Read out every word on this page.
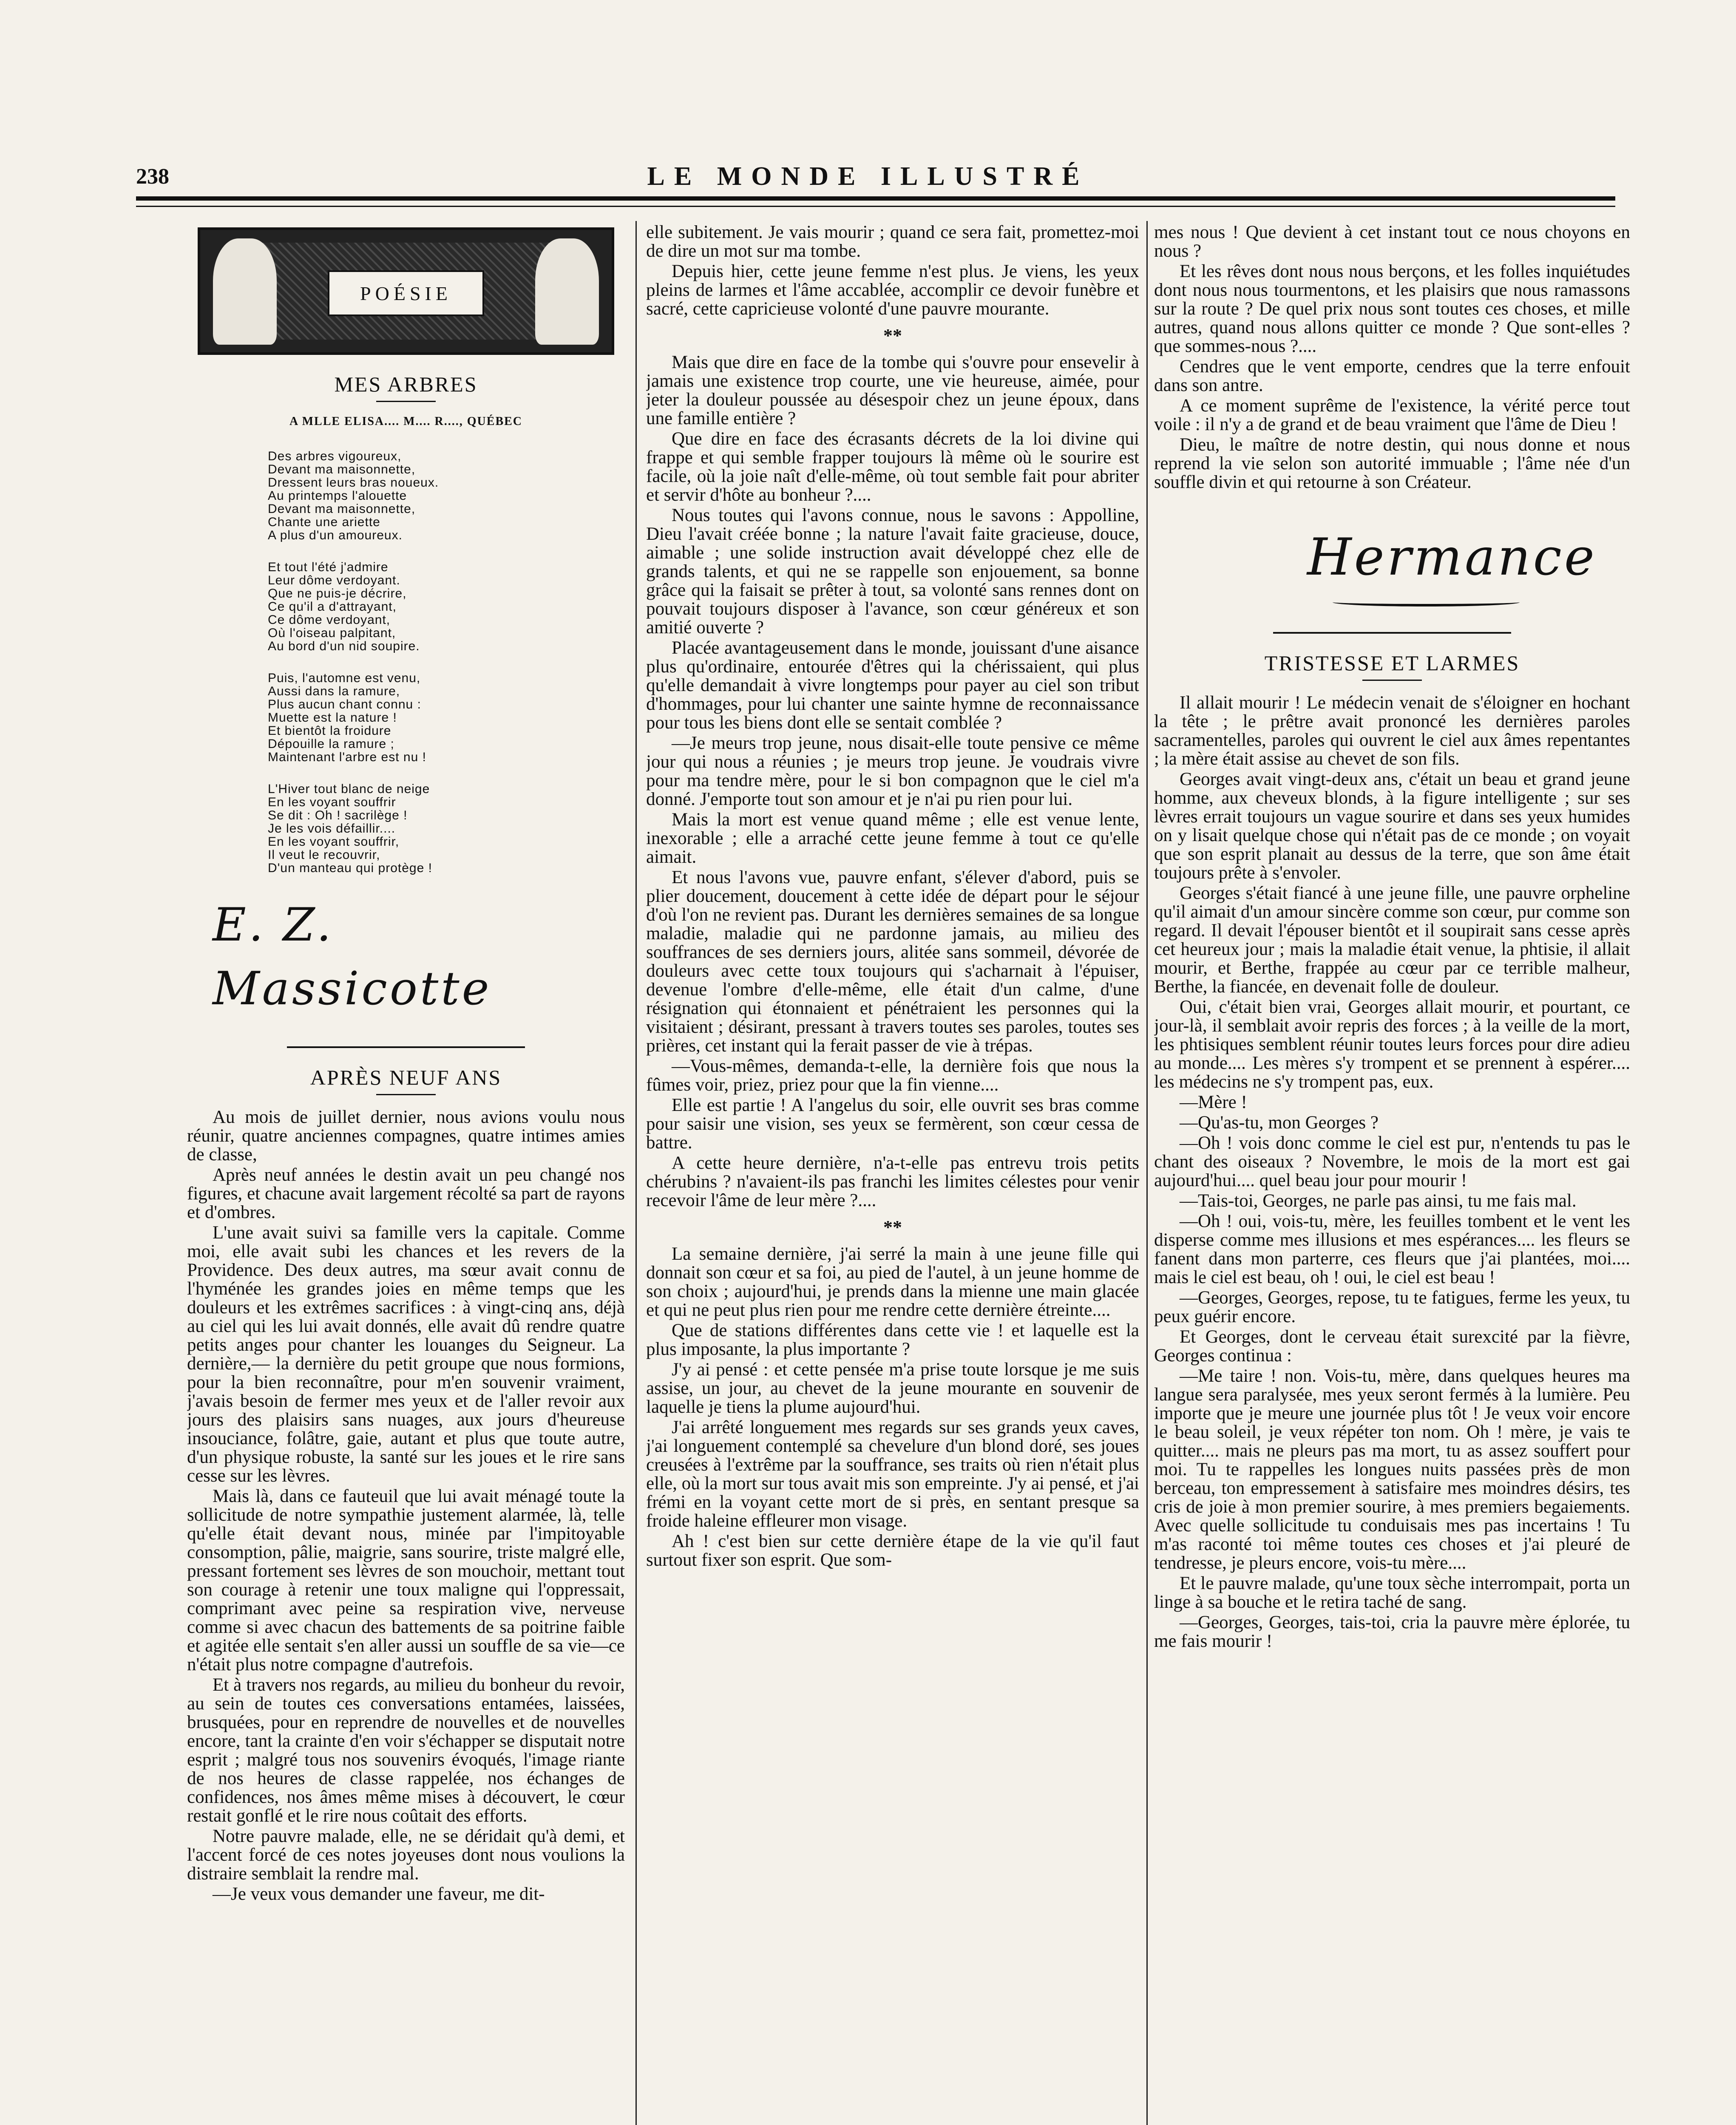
238	LE MONDE ILLUSTRÉ
POÉSIE
MES ARBRES
A MLLE ELISA.... M.... R...., QUÉBEC
Des arbres vigoureux,
Devant ma maisonnette,
Dressent leurs bras noueux.
Au printemps l'alouette
Devant ma maisonnette,
Chante une ariette
A plus d'un amoureux.
Et tout l'été j'admire
Leur dôme verdoyant.
Que ne puis-je décrire,
Ce qu'il a d'attrayant,
Ce dôme verdoyant,
Où l'oiseau palpitant,
Au bord d'un nid soupire.
Puis, l'automne est venu,
Aussi dans la ramure,
Plus aucun chant connu :
Muette est la nature !
Et bientôt la froidure
Dépouille la ramure ;
Maintenant l'arbre est nu !
L'Hiver tout blanc de neige
En les voyant souffrir
Se dit : Oh ! sacrilège !
Je les vois défaillir....
En les voyant souffrir,
Il veut le recouvrir,
D'un manteau qui protège !
E. Z. Massicotte
APRÈS NEUF ANS

Au mois de juillet dernier, nous avions voulu nous réunir, quatre anciennes compagnes, quatre intimes amies de classe,

Après neuf années le destin avait un peu changé nos figures, et chacune avait largement récolté sa part de rayons et d'ombres.

L'une avait suivi sa famille vers la capitale. Comme moi, elle avait subi les chances et les revers de la Providence. Des deux autres, ma sœur avait connu de l'hyménée les grandes joies en même temps que les douleurs et les extrêmes sacrifices : à vingt-cinq ans, déjà au ciel qui les lui avait donnés, elle avait dû rendre quatre petits anges pour chanter les louanges du Seigneur. La dernière,— la dernière du petit groupe que nous formions, pour la bien reconnaître, pour m'en souvenir vraiment, j'avais besoin de fermer mes yeux et de l'aller revoir aux jours des plaisirs sans nuages, aux jours d'heureuse insouciance, folâtre, gaie, autant et plus que toute autre, d'un physique robuste, la santé sur les joues et le rire sans cesse sur les lèvres.

Mais là, dans ce fauteuil que lui avait ménagé toute la sollicitude de notre sympathie justement alarmée, là, telle qu'elle était devant nous, minée par l'impitoyable consomption, pâlie, maigrie, sans sourire, triste malgré elle, pressant fortement ses lèvres de son mouchoir, mettant tout son courage à retenir une toux maligne qui l'oppressait, comprimant avec peine sa respiration vive, nerveuse comme si avec chacun des battements de sa poitrine faible et agitée elle sentait s'en aller aussi un souffle de sa vie—ce n'était plus notre compagne d'autrefois.

Et à travers nos regards, au milieu du bonheur du revoir, au sein de toutes ces conversations entamées, laissées, brusquées, pour en reprendre de nouvelles et de nouvelles encore, tant la crainte d'en voir s'échapper se disputait notre esprit ; malgré tous nos souvenirs évoqués, l'image riante de nos heures de classe rappelée, nos échanges de confidences, nos âmes même mises à découvert, le cœur restait gonflé et le rire nous coûtait des efforts.

Notre pauvre malade, elle, ne se déridait qu'à demi, et l'accent forcé de ces notes joyeuses dont nous voulions la distraire semblait la rendre mal.

—Je veux vous demander une faveur, me dit-

elle subitement. Je vais mourir ; quand ce sera fait, promettez-moi de dire un mot sur ma tombe.

Depuis hier, cette jeune femme n'est plus. Je viens, les yeux pleins de larmes et l'âme accablée, accomplir ce devoir funèbre et sacré, cette capricieuse volonté d'une pauvre mourante.

**

Mais que dire en face de la tombe qui s'ouvre pour ensevelir à jamais une existence trop courte, une vie heureuse, aimée, pour jeter la douleur poussée au désespoir chez un jeune époux, dans une famille entière ?

Que dire en face des écrasants décrets de la loi divine qui frappe et qui semble frapper toujours là même où le sourire est facile, où la joie naît d'elle-même, où tout semble fait pour abriter et servir d'hôte au bonheur ?....

Nous toutes qui l'avons connue, nous le savons : Appolline, Dieu l'avait créée bonne ; la nature l'avait faite gracieuse, douce, aimable ; une solide instruction avait développé chez elle de grands talents, et qui ne se rappelle son enjouement, sa bonne grâce qui la faisait se prêter à tout, sa volonté sans rennes dont on pouvait toujours disposer à l'avance, son cœur généreux et son amitié ouverte ?

Placée avantageusement dans le monde, jouissant d'une aisance plus qu'ordinaire, entourée d'êtres qui la chérissaient, qui plus qu'elle demandait à vivre longtemps pour payer au ciel son tribut d'hommages, pour lui chanter une sainte hymne de reconnaissance pour tous les biens dont elle se sentait comblée ?

—Je meurs trop jeune, nous disait-elle toute pensive ce même jour qui nous a réunies ; je meurs trop jeune. Je voudrais vivre pour ma tendre mère, pour le si bon compagnon que le ciel m'a donné. J'emporte tout son amour et je n'ai pu rien pour lui.

Mais la mort est venue quand même ; elle est venue lente, inexorable ; elle a arraché cette jeune femme à tout ce qu'elle aimait.

Et nous l'avons vue, pauvre enfant, s'élever d'abord, puis se plier doucement, doucement à cette idée de départ pour le séjour d'où l'on ne revient pas. Durant les dernières semaines de sa longue maladie, maladie qui ne pardonne jamais, au milieu des souffrances de ses derniers jours, alitée sans sommeil, dévorée de douleurs avec cette toux toujours qui s'acharnait à l'épuiser, devenue l'ombre d'elle-même, elle était d'un calme, d'une résignation qui étonnaient et pénétraient les personnes qui la visitaient ; désirant, pressant à travers toutes ses paroles, toutes ses prières, cet instant qui la ferait passer de vie à trépas.

—Vous-mêmes, demanda-t-elle, la dernière fois que nous la fûmes voir, priez, priez pour que la fin vienne....

Elle est partie ! A l'angelus du soir, elle ouvrit ses bras comme pour saisir une vision, ses yeux se fermèrent, son cœur cessa de battre.

A cette heure dernière, n'a-t-elle pas entrevu trois petits chérubins ? n'avaient-ils pas franchi les limites célestes pour venir recevoir l'âme de leur mère ?....

**

La semaine dernière, j'ai serré la main à une jeune fille qui donnait son cœur et sa foi, au pied de l'autel, à un jeune homme de son choix ; aujourd'hui, je prends dans la mienne une main glacée et qui ne peut plus rien pour me rendre cette dernière étreinte....

Que de stations différentes dans cette vie ! et laquelle est la plus imposante, la plus importante ?

J'y ai pensé : et cette pensée m'a prise toute lorsque je me suis assise, un jour, au chevet de la jeune mourante en souvenir de laquelle je tiens la plume aujourd'hui.

J'ai arrêté longuement mes regards sur ses grands yeux caves, j'ai longuement contemplé sa chevelure d'un blond doré, ses joues creusées à l'extrême par la souffrance, ses traits où rien n'était plus elle, où la mort sur tous avait mis son empreinte. J'y ai pensé, et j'ai frémi en la voyant cette mort de si près, en sentant presque sa froide haleine effleurer mon visage.

Ah ! c'est bien sur cette dernière étape de la vie qu'il faut surtout fixer son esprit. Que som-

mes nous ! Que devient à cet instant tout ce nous choyons en nous ?

Et les rêves dont nous nous berçons, et les folles inquiétudes dont nous nous tourmentons, et les plaisirs que nous ramassons sur la route ? De quel prix nous sont toutes ces choses, et mille autres, quand nous allons quitter ce monde ? Que sont-elles ? que sommes-nous ?....

Cendres que le vent emporte, cendres que la terre enfouit dans son antre.

A ce moment suprême de l'existence, la vérité perce tout voile : il n'y a de grand et de beau vraiment que l'âme de Dieu !

Dieu, le maître de notre destin, qui nous donne et nous reprend la vie selon son autorité immuable ; l'âme née d'un souffle divin et qui retourne à son Créateur.

Hermance
TRISTESSE ET LARMES

Il allait mourir ! Le médecin venait de s'éloigner en hochant la tête ; le prêtre avait prononcé les dernières paroles sacramentelles, paroles qui ouvrent le ciel aux âmes repentantes ; la mère était assise au chevet de son fils.

Georges avait vingt-deux ans, c'était un beau et grand jeune homme, aux cheveux blonds, à la figure intelligente ; sur ses lèvres errait toujours un vague sourire et dans ses yeux humides on y lisait quelque chose qui n'était pas de ce monde ; on voyait que son esprit planait au dessus de la terre, que son âme était toujours prête à s'envoler.

Georges s'était fiancé à une jeune fille, une pauvre orpheline qu'il aimait d'un amour sincère comme son cœur, pur comme son regard. Il devait l'épouser bientôt et il soupirait sans cesse après cet heureux jour ; mais la maladie était venue, la phtisie, il allait mourir, et Berthe, frappée au cœur par ce terrible malheur, Berthe, la fiancée, en devenait folle de douleur.

Oui, c'était bien vrai, Georges allait mourir, et pourtant, ce jour-là, il semblait avoir repris des forces ; à la veille de la mort, les phtisiques semblent réunir toutes leurs forces pour dire adieu au monde.... Les mères s'y trompent et se prennent à espérer.... les médecins ne s'y trompent pas, eux.

—Mère !

—Qu'as-tu, mon Georges ?

—Oh ! vois donc comme le ciel est pur, n'entends tu pas le chant des oiseaux ? Novembre, le mois de la mort est gai aujourd'hui.... quel beau jour pour mourir !

—Tais-toi, Georges, ne parle pas ainsi, tu me fais mal.

—Oh ! oui, vois-tu, mère, les feuilles tombent et le vent les disperse comme mes illusions et mes espérances.... les fleurs se fanent dans mon parterre, ces fleurs que j'ai plantées, moi.... mais le ciel est beau, oh ! oui, le ciel est beau !

—Georges, Georges, repose, tu te fatigues, ferme les yeux, tu peux guérir encore.

Et Georges, dont le cerveau était surexcité par la fièvre, Georges continua :

—Me taire ! non. Vois-tu, mère, dans quelques heures ma langue sera paralysée, mes yeux seront fermés à la lumière. Peu importe que je meure une journée plus tôt ! Je veux voir encore le beau soleil, je veux répéter ton nom. Oh ! mère, je vais te quitter.... mais ne pleurs pas ma mort, tu as assez souffert pour moi. Tu te rappelles les longues nuits passées près de mon berceau, ton empressement à satisfaire mes moindres désirs, tes cris de joie à mon premier sourire, à mes premiers begaiements. Avec quelle sollicitude tu conduisais mes pas incertains ! Tu m'as raconté toi même toutes ces choses et j'ai pleuré de tendresse, je pleurs encore, vois-tu mère....

Et le pauvre malade, qu'une toux sèche interrompait, porta un linge à sa bouche et le retira taché de sang.

—Georges, Georges, tais-toi, cria la pauvre mère éplorée, tu me fais mourir !
